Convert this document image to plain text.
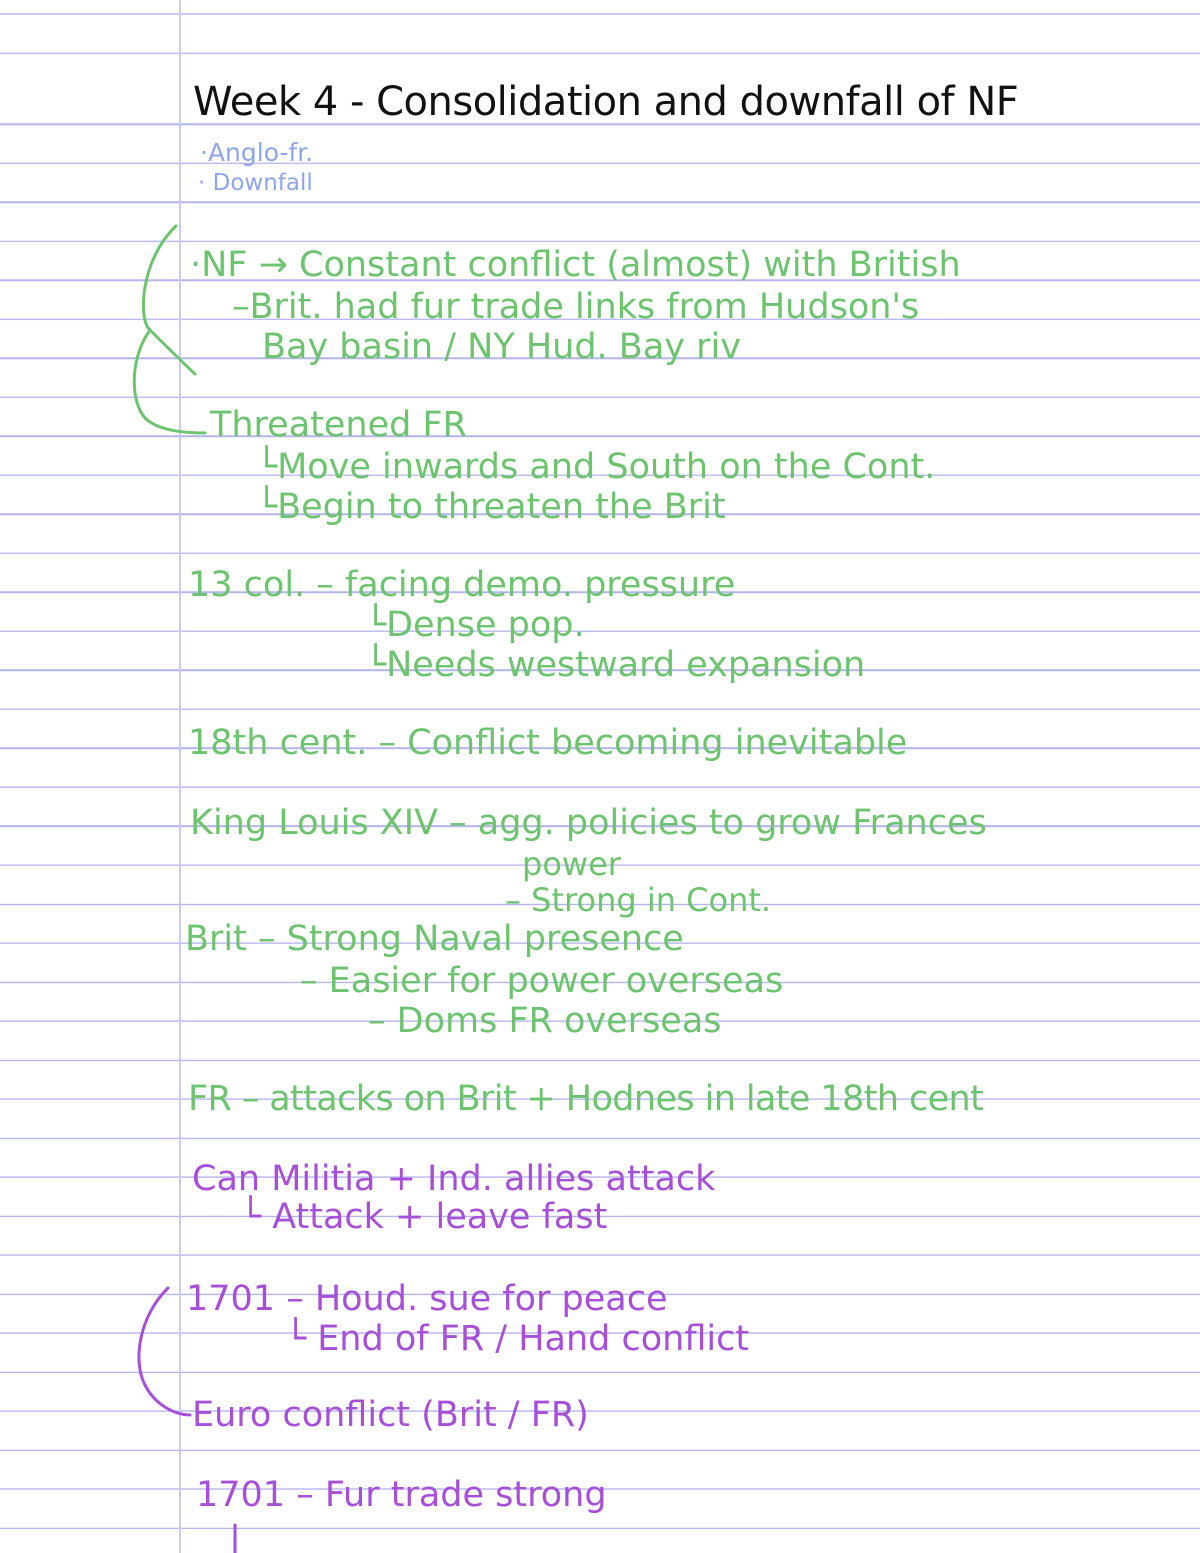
Week 4 - Consolidation and downfall of NF
·Anglo-fr.
· Downfall
·NF → Constant conflict (almost) with British
–Brit. had fur trade links from Hudson's
Bay basin / NY Hud. Bay riv
Threatened FR
└Move inwards and South on the Cont.
└Begin to threaten the Brit
13 col. – facing demo. pressure
└Dense pop.
└Needs westward expansion
18th cent. – Conflict becoming inevitable
King Louis XIV – agg. policies to grow Frances
power
– Strong in Cont.
Brit – Strong Naval presence
– Easier for power overseas
– Doms FR overseas
FR – attacks on Brit + Hodnes in late 18th cent
Can Militia + Ind. allies attack
└ Attack + leave fast
1701 – Houd. sue for peace
└ End of FR / Hand conflict
Euro conflict (Brit / FR)
1701 – Fur trade strong
